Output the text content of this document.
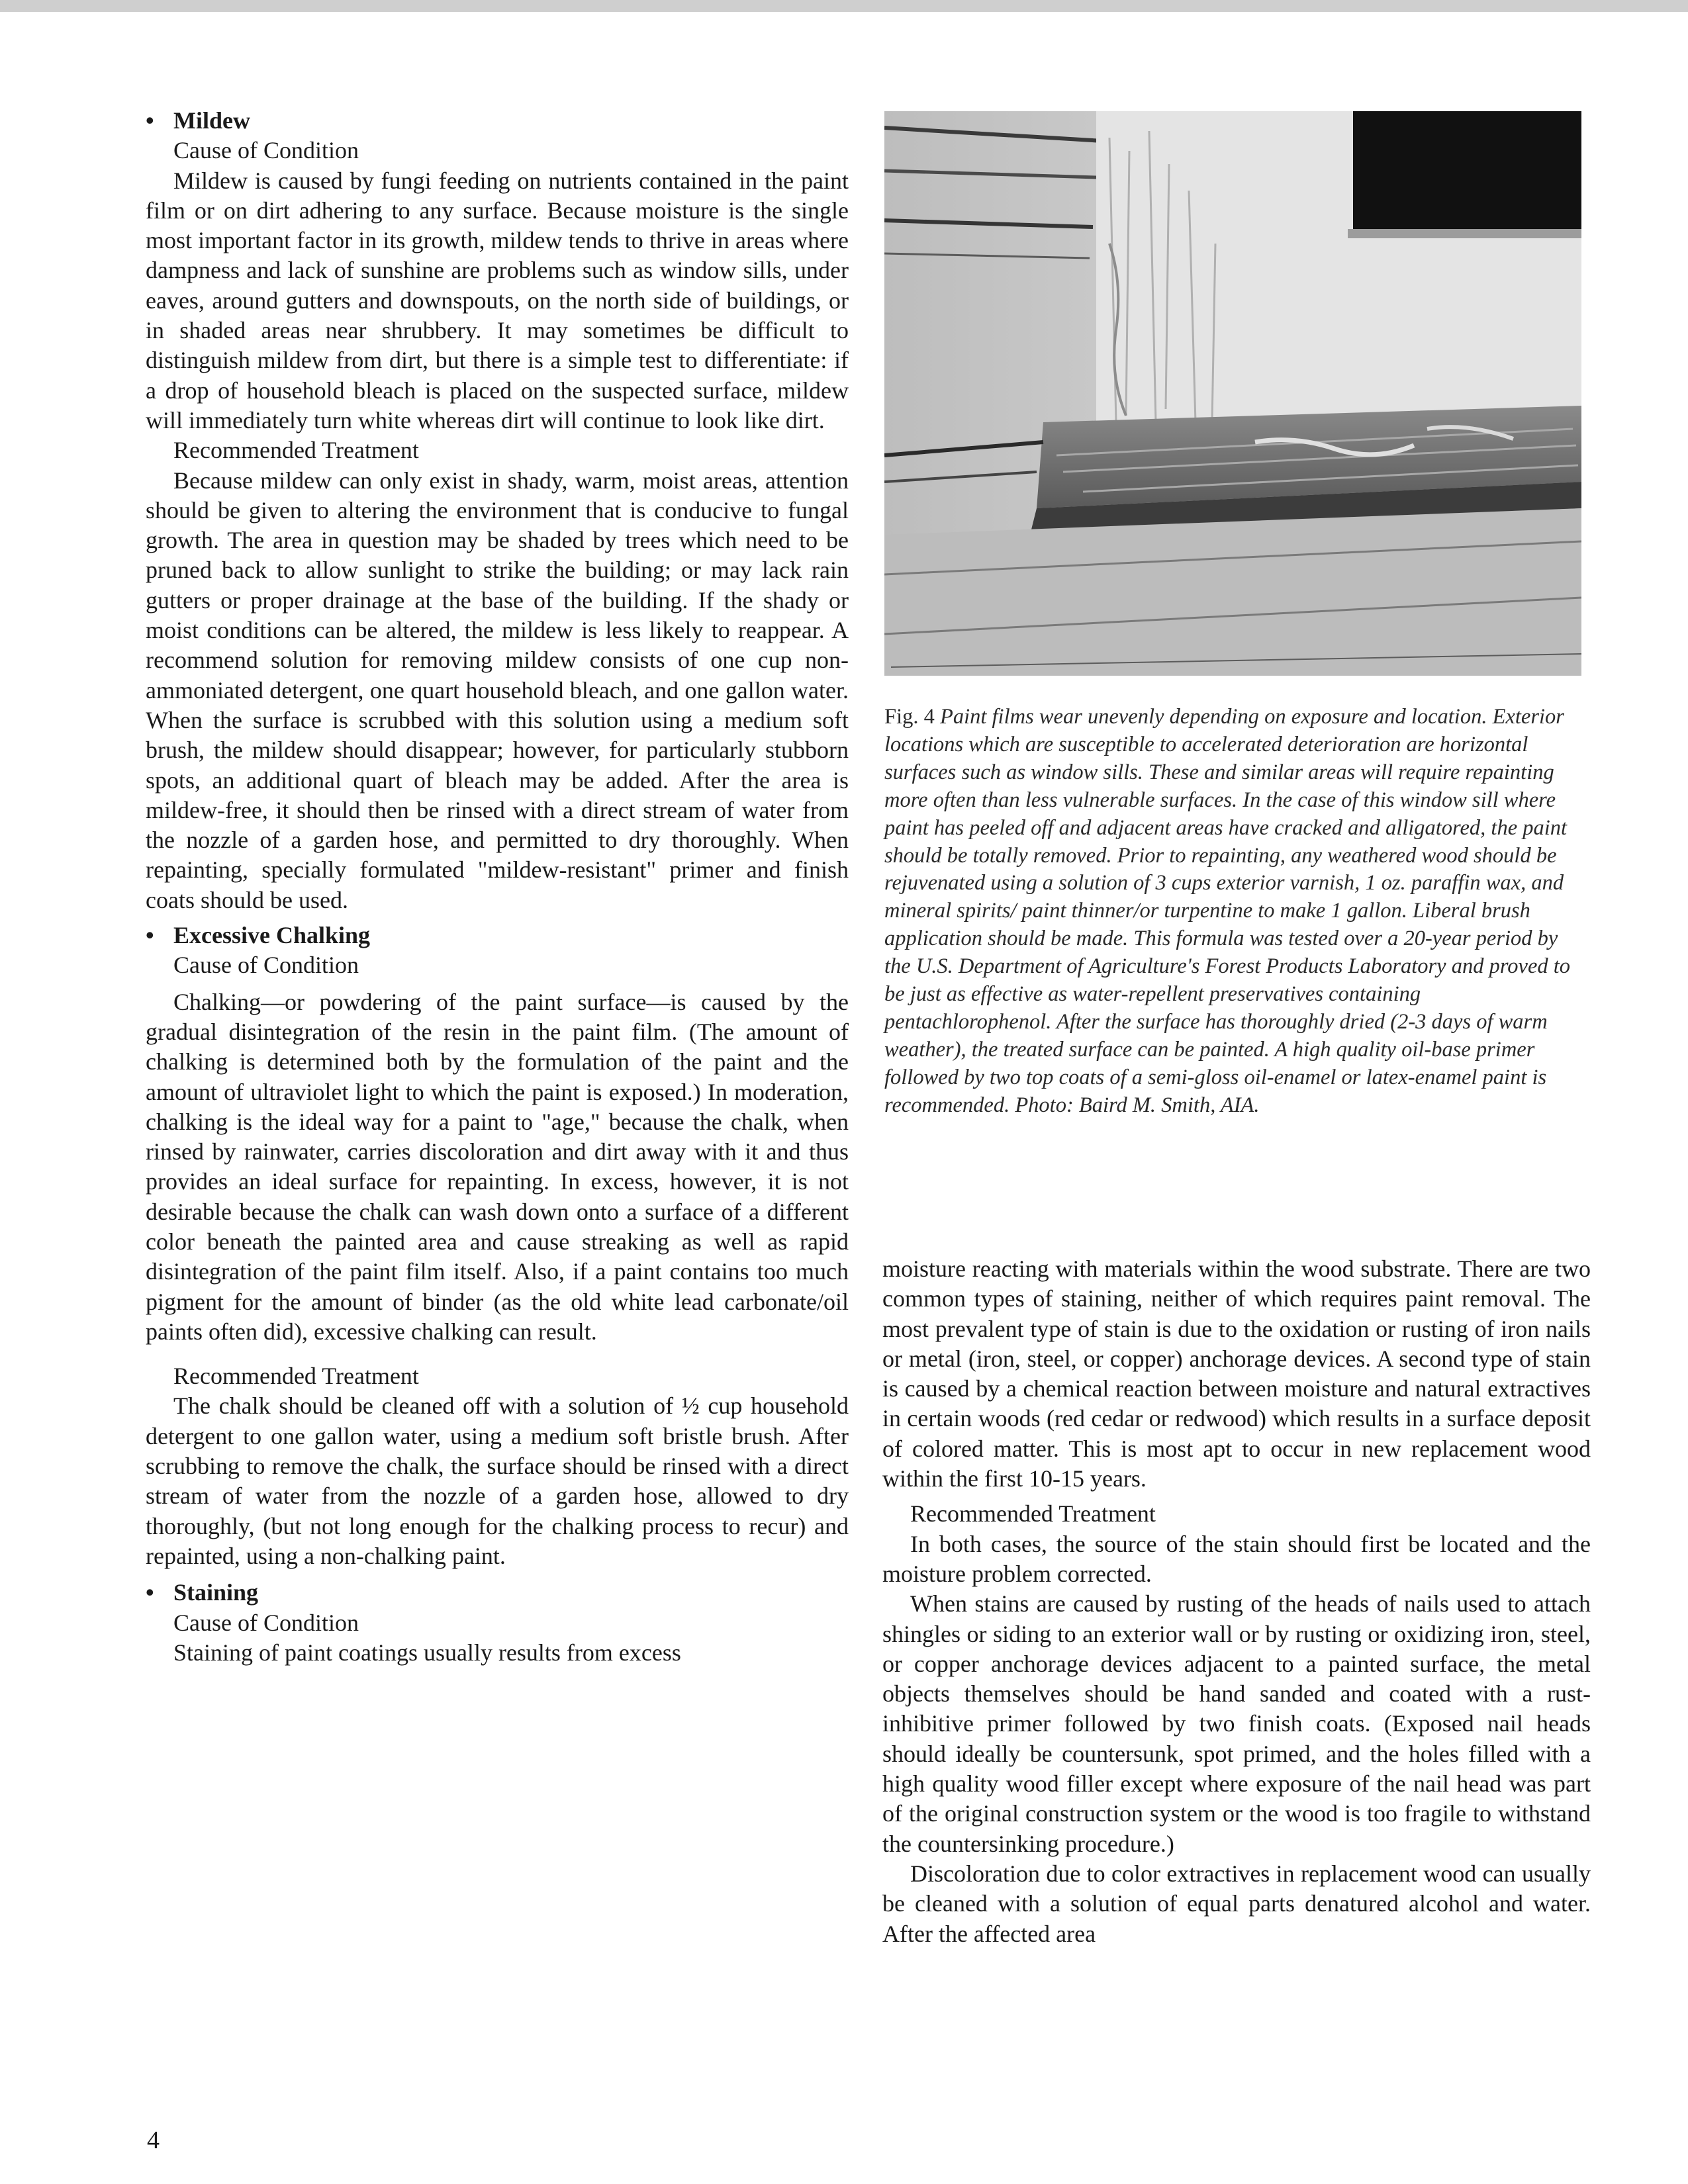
• Mildew

Cause of Condition

Mildew is caused by fungi feeding on nutrients contained in the paint film or on dirt adhering to any surface. Because moisture is the single most important factor in its growth, mildew tends to thrive in areas where dampness and lack of sunshine are problems such as window sills, under eaves, around gutters and downspouts, on the north side of buildings, or in shaded areas near shrubbery. It may sometimes be difficult to distinguish mildew from dirt, but there is a simple test to differentiate: if a drop of household bleach is placed on the suspected surface, mildew will immediately turn white whereas dirt will continue to look like dirt.

Recommended Treatment

Because mildew can only exist in shady, warm, moist areas, attention should be given to altering the environment that is conducive to fungal growth. The area in question may be shaded by trees which need to be pruned back to allow sunlight to strike the building; or may lack rain gutters or proper drainage at the base of the building. If the shady or moist conditions can be altered, the mildew is less likely to reappear. A recommend solution for removing mildew consists of one cup non-ammoniated detergent, one quart household bleach, and one gallon water. When the surface is scrubbed with this solution using a medium soft brush, the mildew should disappear; however, for particularly stubborn spots, an additional quart of bleach may be added. After the area is mildew-free, it should then be rinsed with a direct stream of water from the nozzle of a garden hose, and permitted to dry thoroughly. When repainting, specially formulated "mildew-resistant" primer and finish coats should be used.

• Excessive Chalking

Cause of Condition

Chalking—or powdering of the paint surface—is caused by the gradual disintegration of the resin in the paint film. (The amount of chalking is determined both by the formulation of the paint and the amount of ultraviolet light to which the paint is exposed.) In moderation, chalking is the ideal way for a paint to "age," because the chalk, when rinsed by rainwater, carries discoloration and dirt away with it and thus provides an ideal surface for repainting. In excess, however, it is not desirable because the chalk can wash down onto a surface of a different color beneath the painted area and cause streaking as well as rapid disintegration of the paint film itself. Also, if a paint contains too much pigment for the amount of binder (as the old white lead carbonate/oil paints often did), excessive chalking can result.

Recommended Treatment

The chalk should be cleaned off with a solution of ½ cup household detergent to one gallon water, using a medium soft bristle brush. After scrubbing to remove the chalk, the surface should be rinsed with a direct stream of water from the nozzle of a garden hose, allowed to dry thoroughly, (but not long enough for the chalking process to recur) and repainted, using a non-chalking paint.

• Staining

Cause of Condition

Staining of paint coatings usually results from excess

Fig. 4 Paint films wear unevenly depending on exposure and location. Exterior locations which are susceptible to accelerated deterioration are horizontal surfaces such as window sills. These and similar areas will require repainting more often than less vulnerable surfaces. In the case of this window sill where paint has peeled off and adjacent areas have cracked and alligatored, the paint should be totally removed. Prior to repainting, any weathered wood should be rejuvenated using a solution of 3 cups exterior varnish, 1 oz. paraffin wax, and mineral spirits/ paint thinner/or turpentine to make 1 gallon. Liberal brush application should be made. This formula was tested over a 20-year period by the U.S. Department of Agriculture's Forest Products Laboratory and proved to be just as effective as water-repellent preservatives containing pentachlorophenol. After the surface has thoroughly dried (2-3 days of warm weather), the treated surface can be painted. A high quality oil-base primer followed by two top coats of a semi-gloss oil-enamel or latex-enamel paint is recommended. Photo: Baird M. Smith, AIA.

moisture reacting with materials within the wood substrate. There are two common types of staining, neither of which requires paint removal. The most prevalent type of stain is due to the oxidation or rusting of iron nails or metal (iron, steel, or copper) anchorage devices. A second type of stain is caused by a chemical reaction between moisture and natural extractives in certain woods (red cedar or redwood) which results in a surface deposit of colored matter. This is most apt to occur in new replacement wood within the first 10-15 years.

Recommended Treatment

In both cases, the source of the stain should first be located and the moisture problem corrected.

When stains are caused by rusting of the heads of nails used to attach shingles or siding to an exterior wall or by rusting or oxidizing iron, steel, or copper anchorage devices adjacent to a painted surface, the metal objects themselves should be hand sanded and coated with a rust-inhibitive primer followed by two finish coats. (Exposed nail heads should ideally be countersunk, spot primed, and the holes filled with a high quality wood filler except where exposure of the nail head was part of the original construction system or the wood is too fragile to withstand the countersinking procedure.)

Discoloration due to color extractives in replacement wood can usually be cleaned with a solution of equal parts denatured alcohol and water. After the affected area

4
